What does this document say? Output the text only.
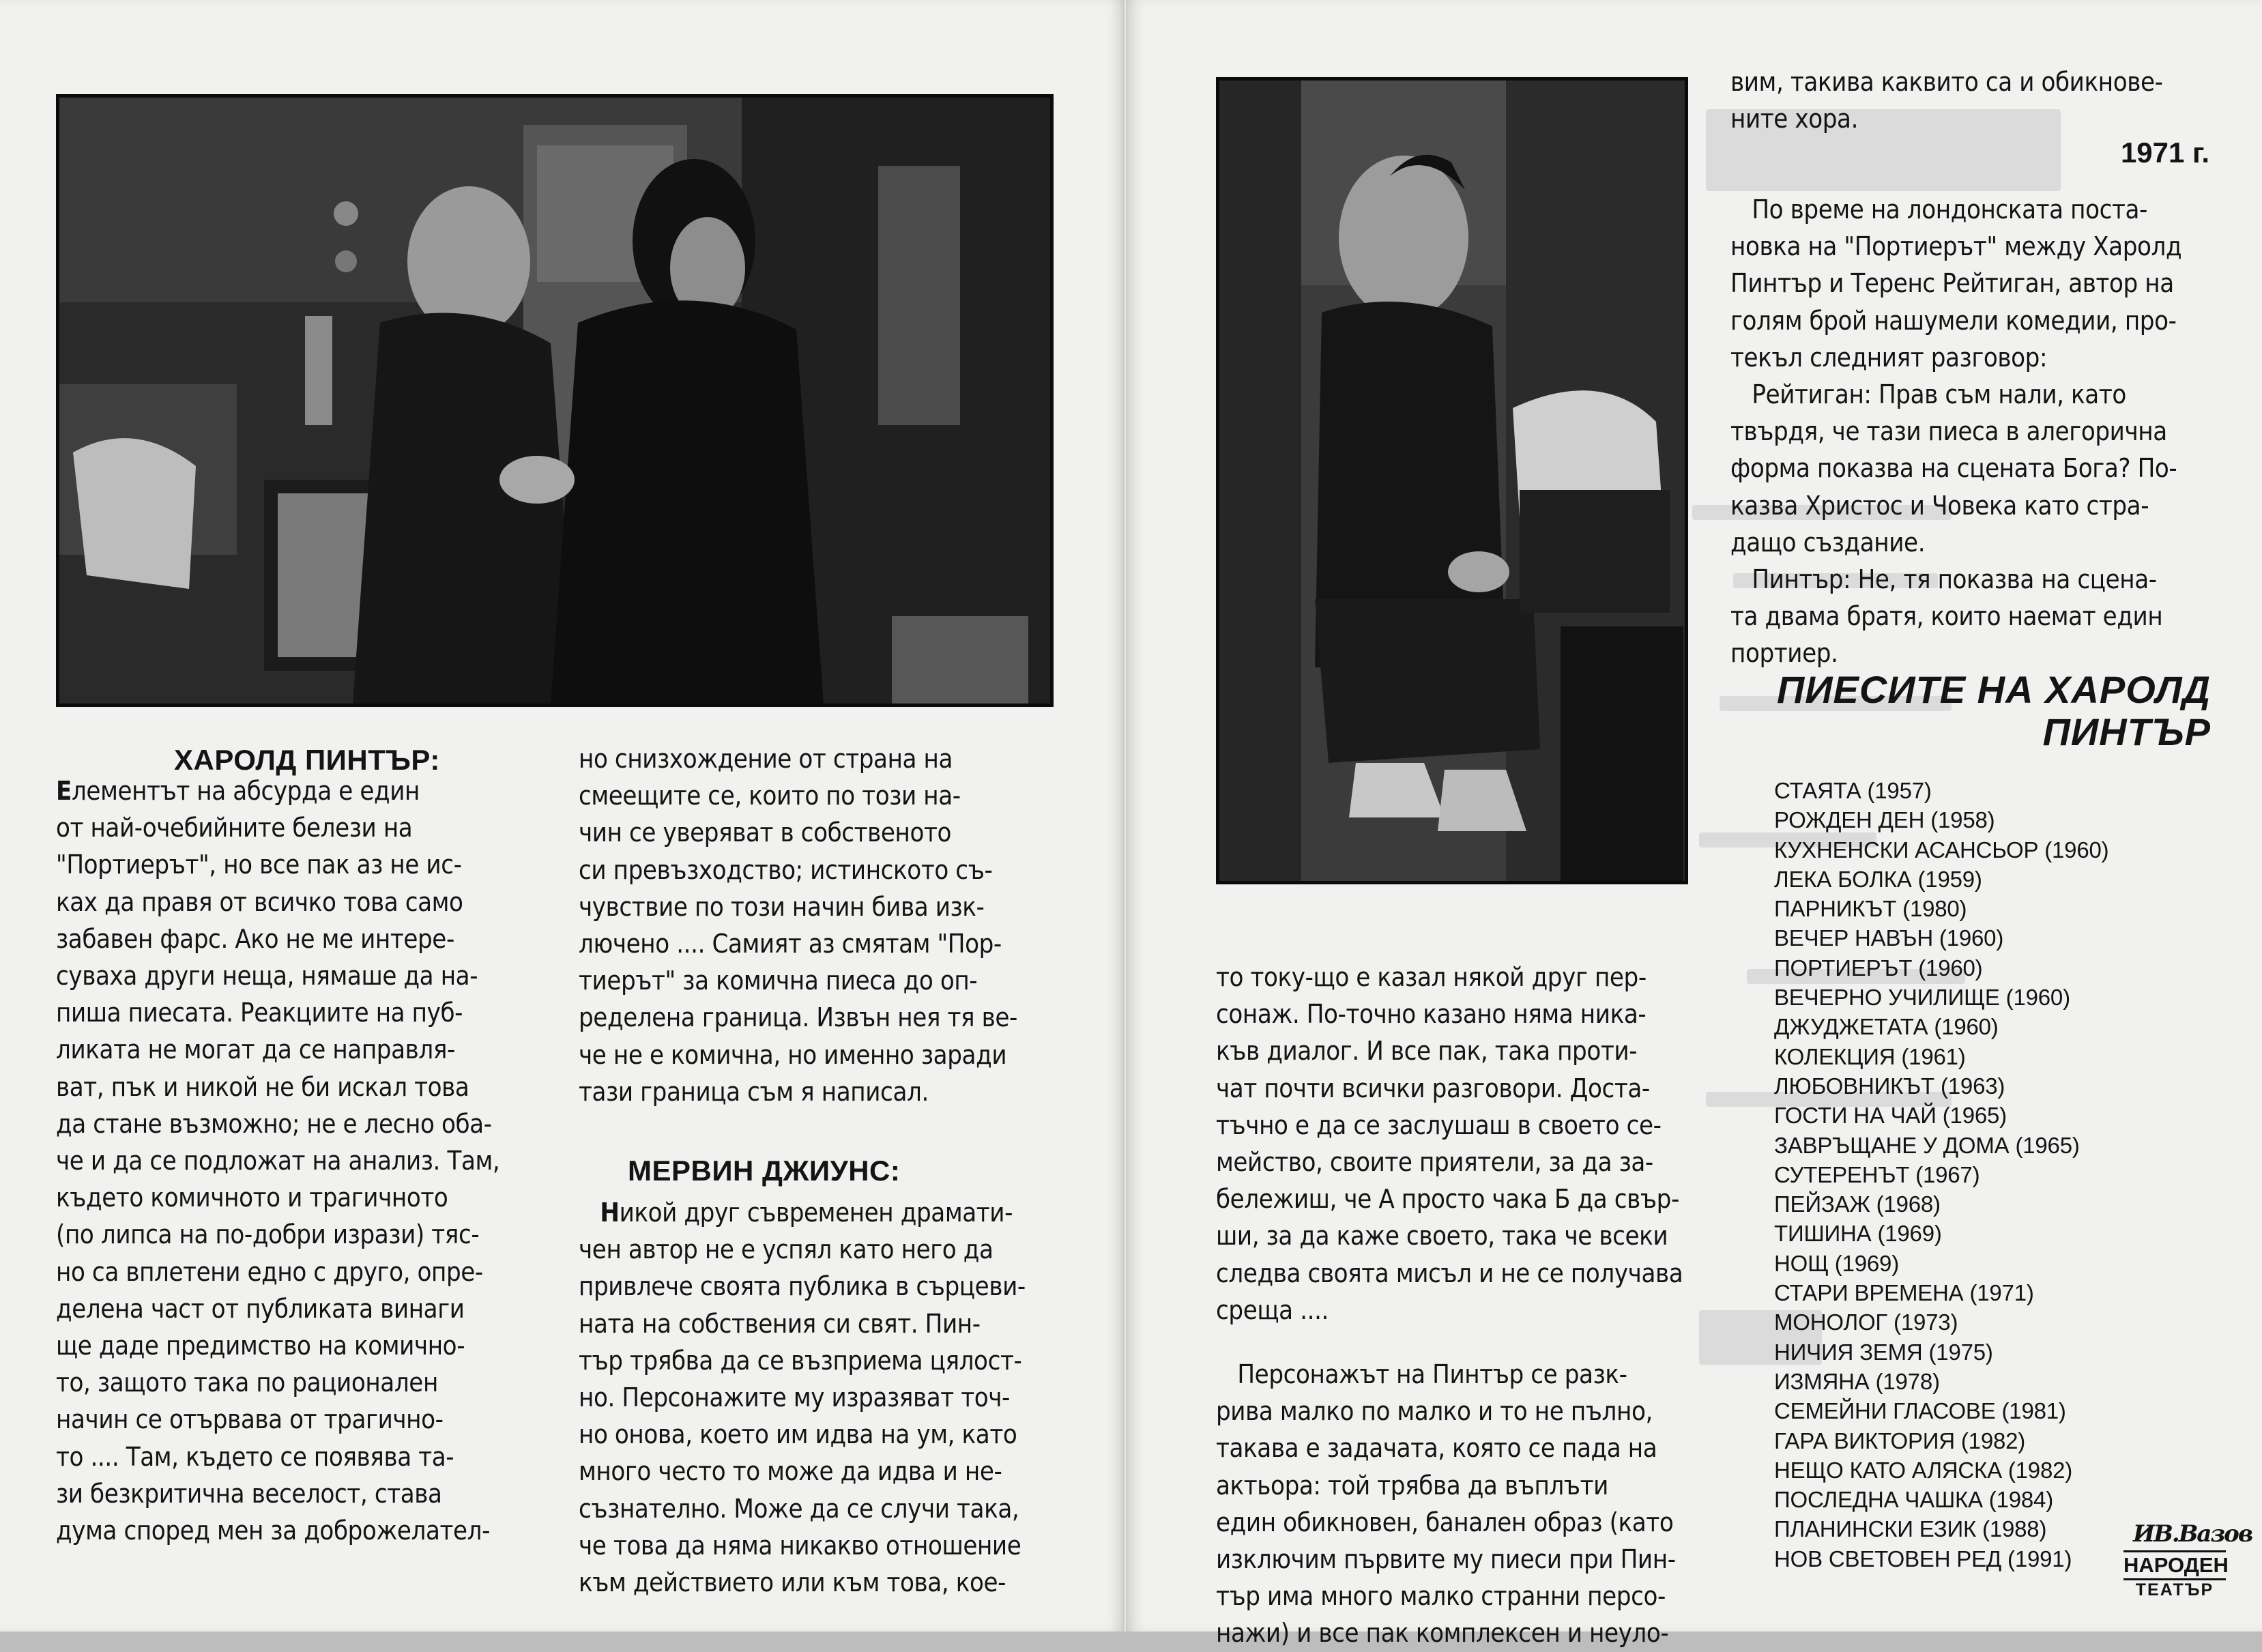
ХАРОЛД ПИНТЪР:

Елементът на абсурда е един

от най-очебийните белези на

"Портиерът", но все пак аз не ис-

ках да правя от всичко това само

забавен фарс. Ако не ме интере-

суваха други неща, нямаше да на-

пиша пиесата. Реакциите на пуб-

ликата не могат да се направля-

ват, пък и никой не би искал това

да стане възможно; не е лесно оба-

че и да се подложат на анализ. Там,

където комичното и трагичното

(по липса на по-добри изрази) тяс-

но са вплетени едно с друго, опре-

делена част от публиката винаги

ще даде предимство на комично-

то, защото така по рационален

начин се отървава от трагично-

то .... Там, където се появява та-

зи безкритична веселост, става

дума според мен за доброжелател-

но снизхождение от страна на

смеещите се, които по този на-

чин се уверяват в собственото

си превъзходство; истинското съ-

чувствие по този начин бива изк-

лючено .... Самият аз смятам "Пор-

тиерът" за комична пиеса до оп-

ределена граница. Извън нея тя ве-

че не е комична, но именно заради

тази граница съм я написал.

МЕРВИН ДЖИУНС:

Никой друг съвременен драмати-

чен автор не е успял като него да

привлече своята публика в сърцеви-

ната на собствения си свят. Пин-

тър трябва да се възприема цялост-

но. Персонажите му изразяват точ-

но онова, което им идва на ум, като

много често то може да идва и не-

съзнателно. Може да се случи така,

че това да няма никакво отношение

към действието или към това, кое-

то току-що е казал някой друг пер-

сонаж. По-точно казано няма ника-

къв диалог. И все пак, така проти-

чат почти всички разговори. Доста-

тъчно е да се заслушаш в своето се-

мейство, своите приятели, за да за-

бележиш, че А просто чака Б да свър-

ши, за да каже своето, така че всеки

следва своята мисъл и не се получава

среща ....

Персонажът на Пинтър се разк-

рива малко по малко и то не пълно,

такава е задачата, която се пада на

актьора: той трябва да въплъти

един обикновен, банален образ (като

изключим първите му пиеси при Пин-

тър има много малко странни персо-

нажи) и все пак комплексен и неуло-

вим, такива каквито са и обикнове-

ните хора.

1971 г.

По време на лондонската поста-

новка на "Портиерът" между Харолд

Пинтър и Теренс Рейтиган, автор на

голям брой нашумели комедии, про-

текъл следният разговор:

Рейтиган: Прав съм нали, като

твърдя, че тази пиеса в алегорична

форма показва на сцената Бога? По-

казва Христос и Човека като стра-

дащо създание.

Пинтър: Не, тя показва на сцена-

та двама братя, които наемат един

портиер.

ПИЕСИТЕ НА ХАРОЛД
ПИНТЪР
СТАЯТА (1957)
РОЖДЕН ДЕН (1958)
КУХНЕНСКИ АСАНСЬОР (1960)
ЛЕКА БОЛКА (1959)
ПАРНИКЪТ (1980)
ВЕЧЕР НАВЪН (1960)
ПОРТИЕРЪТ (1960)
ВЕЧЕРНО УЧИЛИЩЕ (1960)
ДЖУДЖЕТАТА (1960)
КОЛЕКЦИЯ (1961)
ЛЮБОВНИКЪТ (1963)
ГОСТИ НА ЧАЙ (1965)
ЗАВРЪЩАНЕ У ДОМА (1965)
СУТЕРЕНЪТ (1967)
ПЕЙЗАЖ (1968)
ТИШИНА (1969)
НОЩ (1969)
СТАРИ ВРЕМЕНА (1971)
МОНОЛОГ (1973)
НИЧИЯ ЗЕМЯ (1975)
ИЗМЯНА (1978)
СЕМЕЙНИ ГЛАСОВЕ (1981)
ГАРА ВИКТОРИЯ (1982)
НЕЩО КАТО АЛЯСКА (1982)
ПОСЛЕДНА ЧАШКА (1984)
ПЛАНИНСКИ ЕЗИК (1988)
НОВ СВЕТОВЕН РЕД (1991)
ИВ.Вазов
НАРОДЕН
ТЕАТЪР
